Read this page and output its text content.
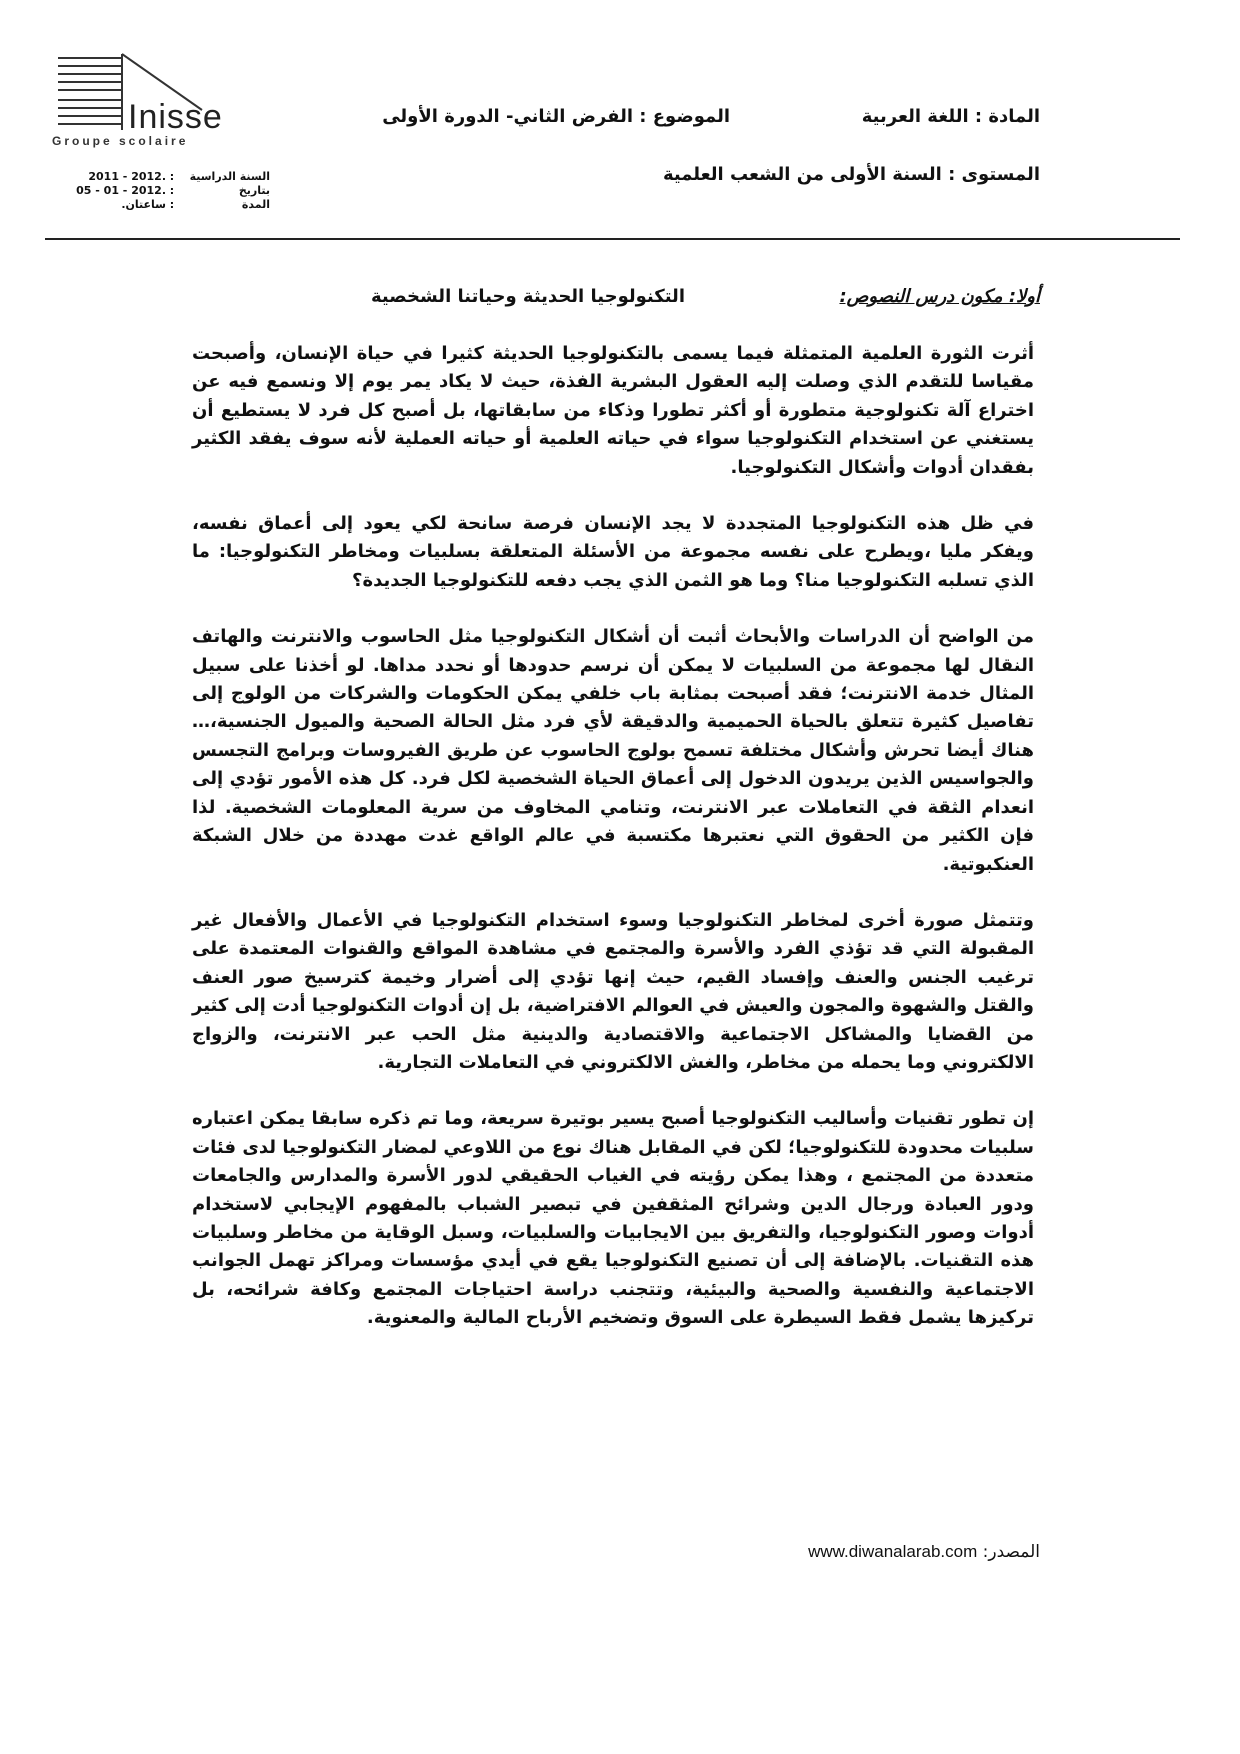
Inisse
Groupe scolaire
السنة الدراسية
:
2011 - 2012.
بتاريخ
:
05 - 01 - 2012.
المدة
:
ساعتان.
المادة : اللغة العربية
الموضوع : الفرض الثاني- الدورة الأولى
المستوى : السنة الأولى من الشعب العلمية
أولا: مكون درس النصوص:
التكنولوجيا الحديثة وحياتنا الشخصية

أثرت الثورة العلمية المتمثلة فيما يسمى بالتكنولوجيا الحديثة كثيرا في حياة الإنسان، وأصبحت مقياسا للتقدم الذي وصلت إليه العقول البشرية الفذة، حيث لا يكاد يمر يوم إلا ونسمع فيه عن اختراع آلة تكنولوجية متطورة أو أكثر تطورا وذكاء من سابقاتها، بل أصبح كل فرد لا يستطيع أن يستغني عن استخدام التكنولوجيا سواء في حياته العلمية أو حياته العملية لأنه سوف يفقد الكثير بفقدان أدوات وأشكال التكنولوجيا.

في ظل هذه التكنولوجيا المتجددة لا يجد الإنسان فرصة سانحة لكي يعود إلى أعماق نفسه، ويفكر مليا ،ويطرح على نفسه مجموعة من الأسئلة المتعلقة بسلبيات ومخاطر التكنولوجيا: ما الذي تسلبه التكنولوجيا منا؟ وما هو الثمن الذي يجب دفعه للتكنولوجيا الجديدة؟

من الواضح أن الدراسات والأبحاث أثبت أن أشكال التكنولوجيا مثل الحاسوب والانترنت والهاتف النقال لها مجموعة من السلبيات لا يمكن أن نرسم حدودها أو نحدد مداها. لو أخذنا على سبيل المثال خدمة الانترنت؛ فقد أصبحت بمثابة باب خلفي يمكن الحكومات والشركات من الولوج إلى تفاصيل كثيرة تتعلق بالحياة الحميمية والدقيقة لأي فرد مثل الحالة الصحية والميول الجنسية،… هناك أيضا تحرش وأشكال مختلفة تسمح بولوج الحاسوب عن طريق الفيروسات وبرامج التجسس والجواسيس الذين يريدون الدخول إلى أعماق الحياة الشخصية لكل فرد. كل هذه الأمور تؤدي إلى انعدام الثقة في التعاملات عبر الانترنت، وتنامي المخاوف من سرية المعلومات الشخصية. لذا فإن الكثير من الحقوق التي نعتبرها مكتسبة في عالم الواقع غدت مهددة من خلال الشبكة العنكبوتية.

وتتمثل صورة أخرى لمخاطر التكنولوجيا وسوء استخدام التكنولوجيا في الأعمال والأفعال غير المقبولة التي قد تؤذي الفرد والأسرة والمجتمع في مشاهدة المواقع والقنوات المعتمدة على ترغيب الجنس والعنف وإفساد القيم، حيث إنها تؤدي إلى أضرار وخيمة كترسيخ صور العنف والقتل والشهوة والمجون والعيش في العوالم الافتراضية، بل إن أدوات التكنولوجيا أدت إلى كثير من القضايا والمشاكل الاجتماعية والاقتصادية والدينية مثل الحب عبر الانترنت، والزواج الالكتروني وما يحمله من مخاطر، والغش الالكتروني في التعاملات التجارية.

إن تطور تقنيات وأساليب التكنولوجيا أصبح يسير بوتيرة سريعة، وما تم ذكره سابقا يمكن اعتباره سلبيات محدودة للتكنولوجيا؛ لكن في المقابل هناك نوع من اللاوعي لمضار التكنولوجيا لدى فئات متعددة من المجتمع ، وهذا يمكن رؤيته في الغياب الحقيقي لدور الأسرة والمدارس والجامعات ودور العبادة ورجال الدين وشرائح المثقفين في تبصير الشباب بالمفهوم الإيجابي لاستخدام أدوات وصور التكنولوجيا، والتفريق بين الايجابيات والسلبيات، وسبل الوقاية من مخاطر وسلبيات هذه التقنيات. بالإضافة إلى أن تصنيع التكنولوجيا يقع في أيدي مؤسسات ومراكز تهمل الجوانب الاجتماعية والنفسية والصحية والبيئية، وتتجنب دراسة احتياجات المجتمع وكافة شرائحه، بل تركيزها يشمل فقط السيطرة على السوق وتضخيم الأرباح المالية والمعنوية.

المصدر: www.diwanalarab.com
